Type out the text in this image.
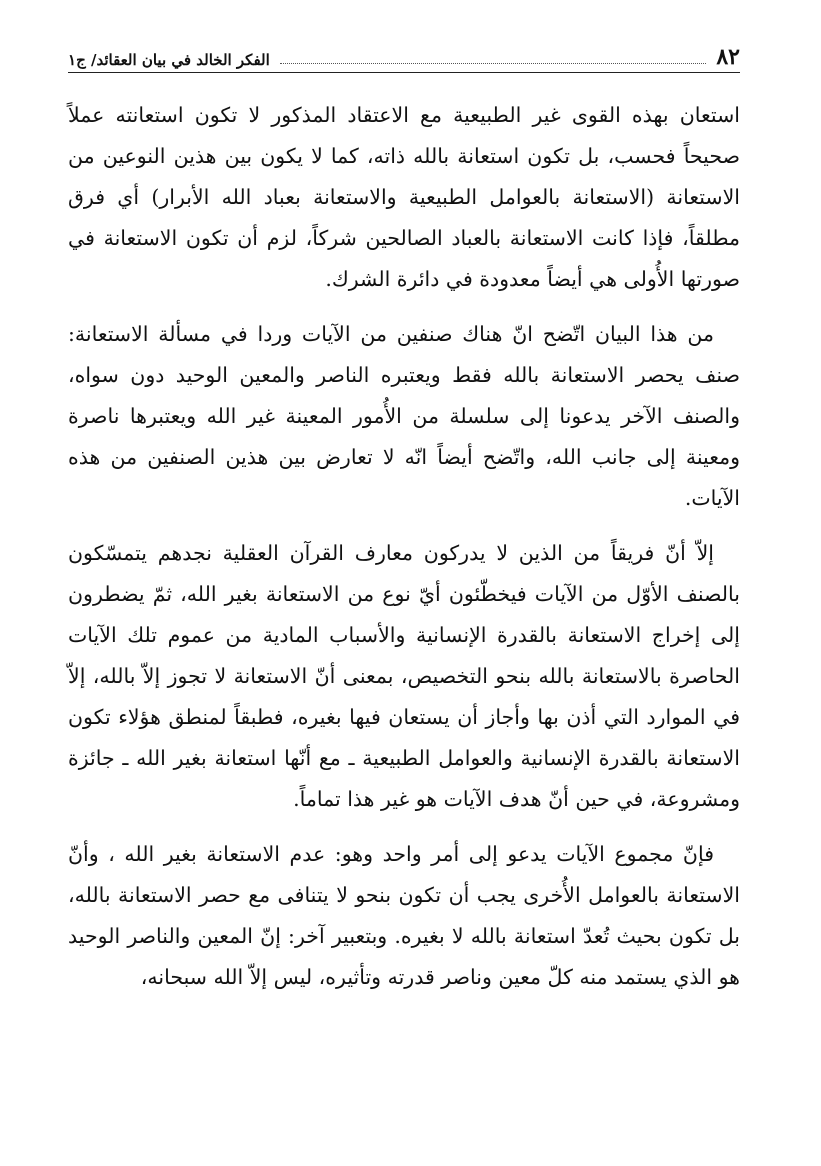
٨٢
الفكر الخالد في بيان العقائد/ ج١

استعان بهذه القوى غير الطبيعية مع الاعتقاد المذكور لا تكون استعانته عملاً صحيحاً فحسب، بل تكون استعانة بالله ذاته، كما لا يكون بين هذين النوعين من الاستعانة (الاستعانة بالعوامل الطبيعية والاستعانة بعباد الله الأبرار) أي فرق مطلقاً، فإذا كانت الاستعانة بالعباد الصالحين شركاً، لزم أن تكون الاستعانة في صورتها الأُولى هي أيضاً معدودة في دائرة الشرك.

من هذا البيان اتّضح انّ هناك صنفين من الآيات وردا في مسألة الاستعانة: صنف يحصر الاستعانة بالله فقط ويعتبره الناصر والمعين الوحيد دون سواه، والصنف الآخر يدعونا إلى سلسلة من الأُمور المعينة غير الله ويعتبرها ناصرة ومعينة إلى جانب الله، واتّضح أيضاً انّه لا تعارض بين هذين الصنفين من هذه الآيات.

إلاّ أنّ فريقاً من الذين لا يدركون معارف القرآن العقلية نجدهم يتمسّكون بالصنف الأوّل من الآيات فيخطّئون أيّ نوع من الاستعانة بغير الله، ثمّ يضطرون إلى إخراج الاستعانة بالقدرة الإنسانية والأسباب المادية من عموم تلك الآيات الحاصرة بالاستعانة بالله بنحو التخصيص، بمعنى أنّ الاستعانة لا تجوز إلاّ بالله، إلاّ في الموارد التي أذن بها وأجاز أن يستعان فيها بغيره، فطبقاً لمنطق هؤلاء تكون الاستعانة بالقدرة الإنسانية والعوامل الطبيعية ـ مع أنّها استعانة بغير الله ـ جائزة ومشروعة، في حين أنّ هدف الآيات هو غير هذا تماماً.

فإنّ مجموع الآيات يدعو إلى أمر واحد وهو: عدم الاستعانة بغير الله ، وأنّ الاستعانة بالعوامل الأُخرى يجب أن تكون بنحو لا يتنافى مع حصر الاستعانة بالله، بل تكون بحيث تُعدّ استعانة بالله لا بغيره. وبتعبير آخر: إنّ المعين والناصر الوحيد هو الذي يستمد منه كلّ معين وناصر قدرته وتأثيره، ليس إلاّ الله سبحانه،
